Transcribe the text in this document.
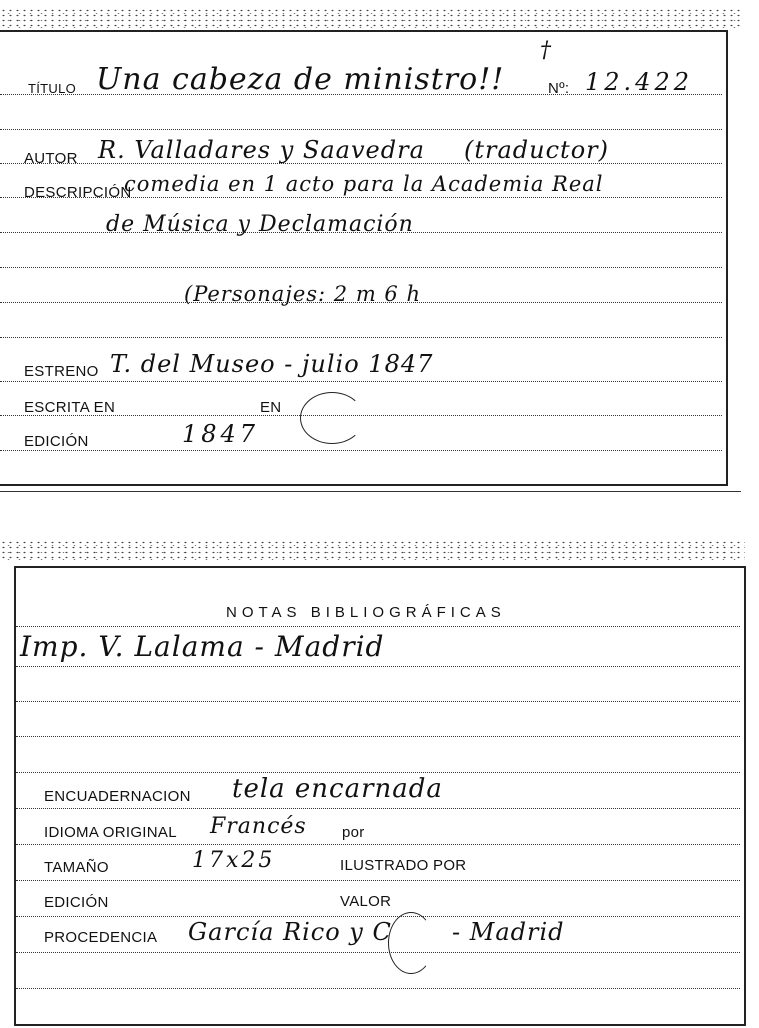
TÍTULO Una cabeza de ministro!!
†
Nº: 12.422
AUTOR R. Valladares y Saavedra (traductor)
DESCRIPCIÓN
comedia en 1 acto para la Academia Real
de Música y Declamación
(Personajes: 2 m 6 h
ESTRENO T. del Museo - julio 1847
ESCRITA EN	EN
EDICIÓN	1847
NOTAS BIBLIOGRÁFICAS
Imp. V. Lalama - Madrid
ENCUADERNACION tela encarnada
IDIOMA ORIGINAL Francés por
TAMAÑO	17x25	ILUSTRADO POR
EDICIÓN	VALOR
PROCEDENCIA García Rico y C	- Madrid
